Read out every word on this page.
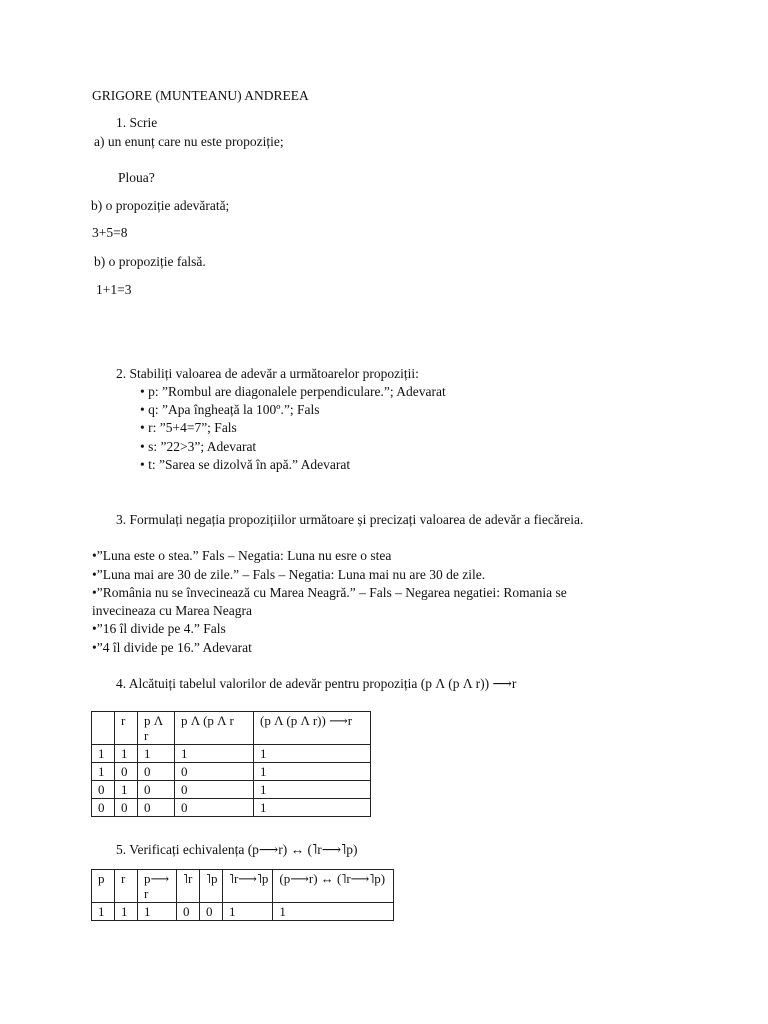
GRIGORE (MUNTEANU) ANDREEA
1. Scrie
a) un enunț care nu este propoziție;
Ploua?
b) o propoziție adevărată;
3+5=8
b) o propoziție falsă.
1+1=3
2. Stabiliți valoarea de adevăr a următoarelor propoziții:
• p: ”Rombul are diagonalele perpendiculare.”; Adevarat
• q: ”Apa îngheață la 100º.”; Fals
• r: ”5+4=7”; Fals
• s: ”22>3”; Adevarat
• t: ”Sarea se dizolvă în apă.” Adevarat
3. Formulați negația propozițiilor următoare și precizați valoarea de adevăr a fiecăreia.
•”Luna este o stea.” Fals – Negatia: Luna nu esre o stea
•”Luna mai are 30 de zile.” – Fals – Negatia: Luna mai nu are 30 de zile.
•”România nu se învecinează cu Marea Neagră.” – Fals – Negarea negatiei: Romania se
invecineaza cu Marea Neagra
•”16 îl divide pe 4.” Fals
•”4 îl divide pe 16.” Adevarat
4. Alcătuiți tabelul valorilor de adevăr pentru propoziția (p Λ (p Λ r)) ⟶r
	r	p Λ r	p Λ (p Λ r	(p Λ (p Λ r)) ⟶r
1	1	1	1	1
1	0	0	0	1
0	1	0	0	1
0	0	0	0	1
5. Verificați echivalența (p⟶r) ↔ (˥r⟶˥p)
p	r	p⟶ r	˥r	˥p	˥r⟶˥p	(p⟶r) ↔ (˥r⟶˥p)
1	1	1	0	0	1	1
